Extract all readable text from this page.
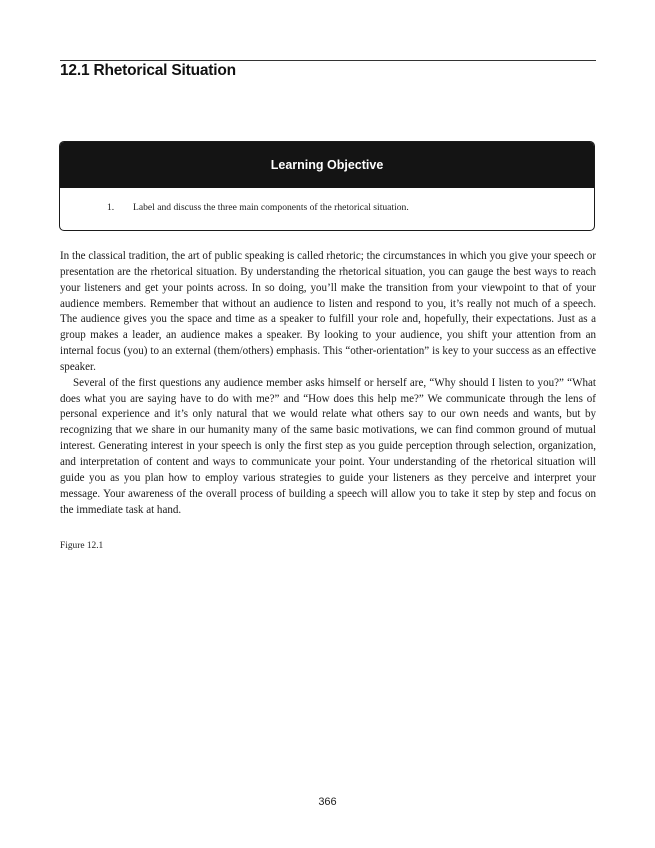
12.1 Rhetorical Situation
Learning Objective
1. Label and discuss the three main components of the rhetorical situation.

In the classical tradition, the art of public speaking is called rhetoric; the circumstances in which you give your speech or presentation are the rhetorical situation. By understanding the rhetorical situation, you can gauge the best ways to reach your listeners and get your points across. In so doing, you’ll make the transition from your viewpoint to that of your audience members. Remember that without an audience to listen and respond to you, it’s really not much of a speech. The audience gives you the space and time as a speaker to fulfill your role and, hopefully, their expectations. Just as a group makes a leader, an audience makes a speaker. By looking to your audience, you shift your attention from an internal focus (you) to an external (them/others) emphasis. This “other-orientation” is key to your success as an effective speaker.

Several of the first questions any audience member asks himself or herself are, “Why should I listen to you?” “What does what you are saying have to do with me?” and “How does this help me?” We communicate through the lens of personal experience and it’s only natural that we would relate what others say to our own needs and wants, but by recognizing that we share in our humanity many of the same basic motivations, we can find common ground of mutual interest. Generating interest in your speech is only the first step as you guide perception through selection, organization, and interpretation of content and ways to communicate your point. Your understanding of the rhetorical situation will guide you as you plan how to employ various strategies to guide your listeners as they perceive and interpret your message. Your awareness of the overall process of building a speech will allow you to take it step by step and focus on the immediate task at hand.

Figure 12.1
366
